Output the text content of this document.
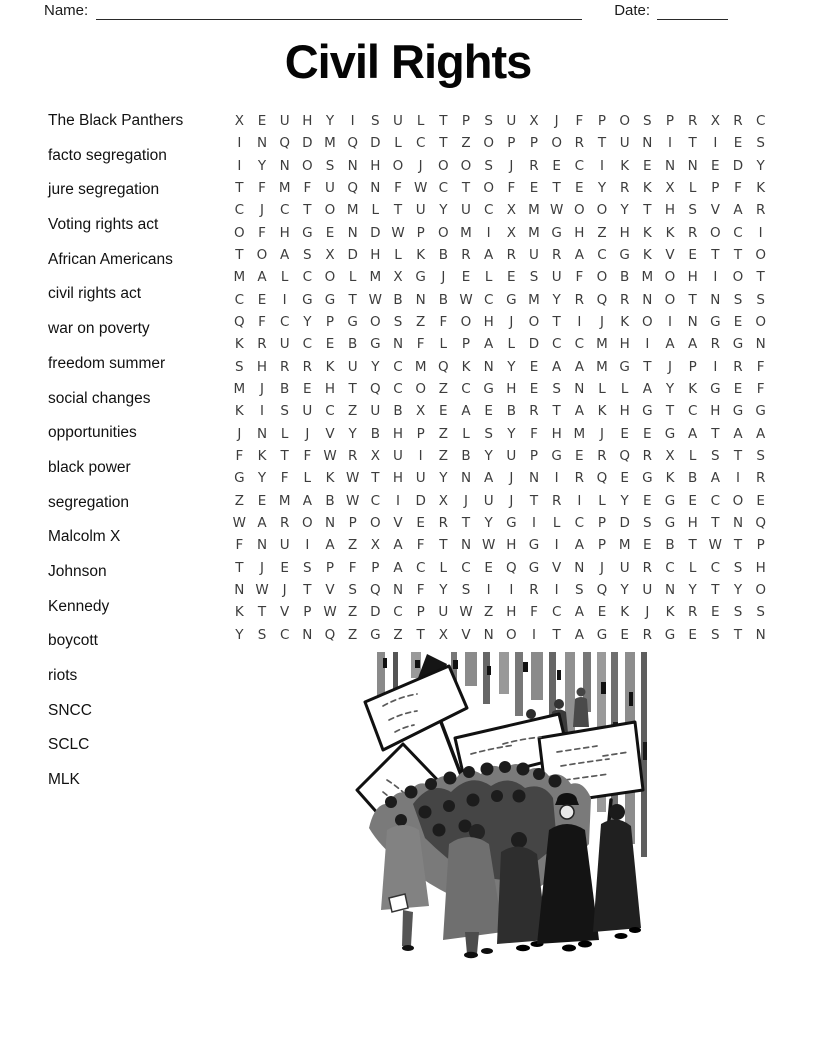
Name:	Date:
Civil Rights
The Black Panthers
facto segregation
jure segregation
Voting rights act
African Americans
civil rights act
war on poverty
freedom summer
social changes
opportunities
black power
segregation
Malcolm X
Johnson
Kennedy
boycott
riots
SNCC
SCLC
MLK
X	E U H Y	I	S U	L	T	P	S U X	J	F	P O S	P	R X R C
I	N Q D M Q D	L	C	T	Z O P	P O R	T	U N	I	T	I	E	S
I	Y N O S N H O	J	O O S	J	R	E	C	I	K	E N N E D Y
T	F M F	U Q N	F W C	T O F	E	T	E	Y	R	K	X	L	P	F	K
C	J	C	T O M L	T	U	Y	U C X M W O O Y	T H S	V A R
O F	H G E N D W P O M	I	X M G H Z H K	K	R O C	I
T O A	S	X D H	L	K	B R A R U R A C G K	V	E	T	T O
M A	L	C O	L M X G	J	E	L	E	S U	F O B M O H	I	O T
C	E	I	G G T W B N B W C G M Y	R Q R N O T N S	S
Q F	C	Y	P G O S	Z	F O H	J	O T	I	J	K O	I	N G E O
K	R U C	E	B G N	F	L	P	A	L	D C C M H	I	A A R G N
S H R R	K U	Y	C M Q K N Y	E	A A M G T	J	P	I	R	F
M	J	B	E H T Q C O Z C G H E	S N	L	L	A	Y	K G E	F
K	I	S U C Z U B X	E	A	E	B R	T	A	K H G T	C H G G
J	N	L	J	V	Y	B H	P	Z	L	S	Y	F	H M	J	E	E G A	T	A A
F	K	T	F W R X U	I	Z B	Y	U	P G E	R Q R X	L	S	T	S
G Y	F	L	K W T H U	Y	N A	J	N	I	R Q E G K	B A	I	R
Z	E M A B W C	I	D X	J	U	J	T	R	I	L	Y	E G E	C O E
W A R O N	P O V	E	R	T	Y G	I	L	C	P D S G H T	N Q
F	N U	I	A Z X A	F	T	N W H G	I	A	P M E	B	T W T	P
T	J	E	S	P	F	P	A C	L	C	E Q G V N	J	U R C	L	C	S H
N W	J	T	V	S Q N	F	Y	S	I	I	R	I	S Q Y	U N Y	T	Y O
K	T	V	P W Z D C	P	U W Z H	F	C A	E	K	J	K	R	E	S	S
Y	S	C N Q Z G Z	T	X V N O	I	T	A G E	R G E	S	T N
